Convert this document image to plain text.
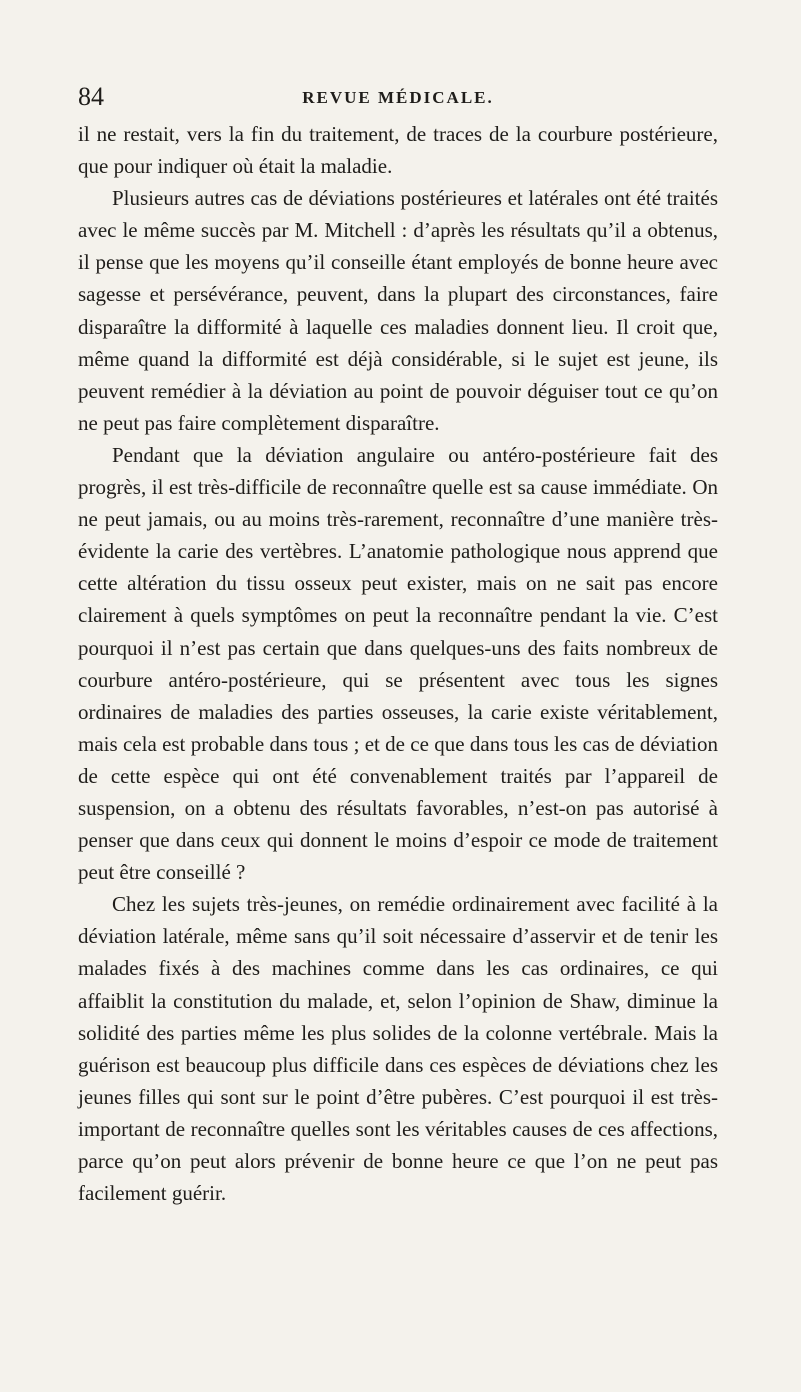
84	REVUE MÉDICALE.

il ne restait, vers la fin du traitement, de traces de la courbure postérieure, que pour indiquer où était la maladie.

Plusieurs autres cas de déviations postérieures et latérales ont été traités avec le même succès par M. Mitchell : d’après les résultats qu’il a obtenus, il pense que les moyens qu’il conseille étant employés de bonne heure avec sagesse et persévérance, peuvent, dans la plupart des circonstances, faire disparaître la difformité à laquelle ces maladies donnent lieu. Il croit que, même quand la difformité est déjà considérable, si le sujet est jeune, ils peuvent remédier à la déviation au point de pouvoir déguiser tout ce qu’on ne peut pas faire complètement disparaître.

Pendant que la déviation angulaire ou antéro-postérieure fait des progrès, il est très-difficile de reconnaître quelle est sa cause immédiate. On ne peut jamais, ou au moins très-rarement, reconnaître d’une manière très-évidente la carie des vertèbres. L’anatomie pathologique nous apprend que cette altération du tissu osseux peut exister, mais on ne sait pas encore clairement à quels symptômes on peut la reconnaître pendant la vie. C’est pourquoi il n’est pas certain que dans quelques-uns des faits nombreux de courbure antéro-postérieure, qui se présentent avec tous les signes ordinaires de maladies des parties osseuses, la carie existe véritablement, mais cela est probable dans tous ; et de ce que dans tous les cas de déviation de cette espèce qui ont été convenablement traités par l’appareil de suspension, on a obtenu des résultats favorables, n’est-on pas autorisé à penser que dans ceux qui donnent le moins d’espoir ce mode de traitement peut être conseillé ?

Chez les sujets très-jeunes, on remédie ordinairement avec facilité à la déviation latérale, même sans qu’il soit nécessaire d’asservir et de tenir les malades fixés à des machines comme dans les cas ordinaires, ce qui affaiblit la constitution du malade, et, selon l’opinion de Shaw, diminue la solidité des parties même les plus solides de la colonne vertébrale. Mais la guérison est beaucoup plus difficile dans ces espèces de déviations chez les jeunes filles qui sont sur le point d’être pubères. C’est pourquoi il est très-important de reconnaître quelles sont les véritables causes de ces affections, parce qu’on peut alors prévenir de bonne heure ce que l’on ne peut pas facilement guérir.
